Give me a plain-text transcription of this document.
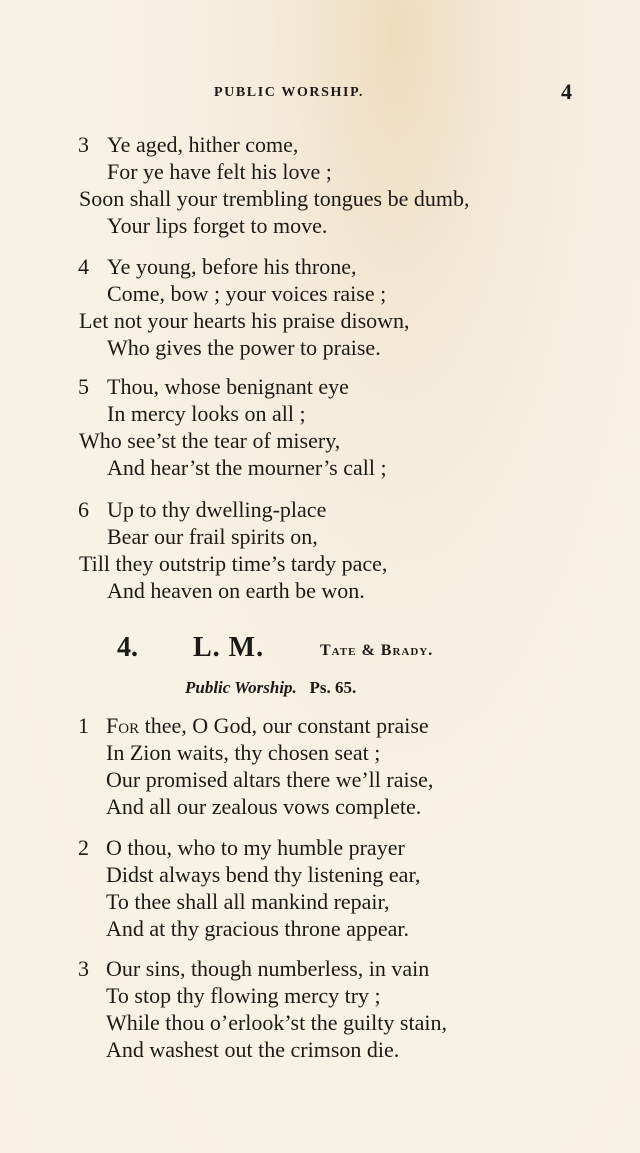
PUBLIC WORSHIP.	4
3 Ye aged, hither come,
For ye have felt his love ;
Soon shall your trembling tongues be dumb,
Your lips forget to move.
4 Ye young, before his throne,
Come, bow ; your voices raise ;
Let not your hearts his praise disown,
Who gives the power to praise.
5 Thou, whose benignant eye
In mercy looks on all ;
Who see’st the tear of misery,
And hear’st the mourner’s call ;
6 Up to thy dwelling-place
Bear our frail spirits on,
Till they outstrip time’s tardy pace,
And heaven on earth be won.
4. L. M.	Tate & Brady.
Public Worship. Ps. 65.
1 For thee, O God, our constant praise
In Zion waits, thy chosen seat ;
Our promised altars there we’ll raise,
And all our zealous vows complete.
2 O thou, who to my humble prayer
Didst always bend thy listening ear,
To thee shall all mankind repair,
And at thy gracious throne appear.
3 Our sins, though numberless, in vain
To stop thy flowing mercy try ;
While thou o’erlook’st the guilty stain,
And washest out the crimson die.
